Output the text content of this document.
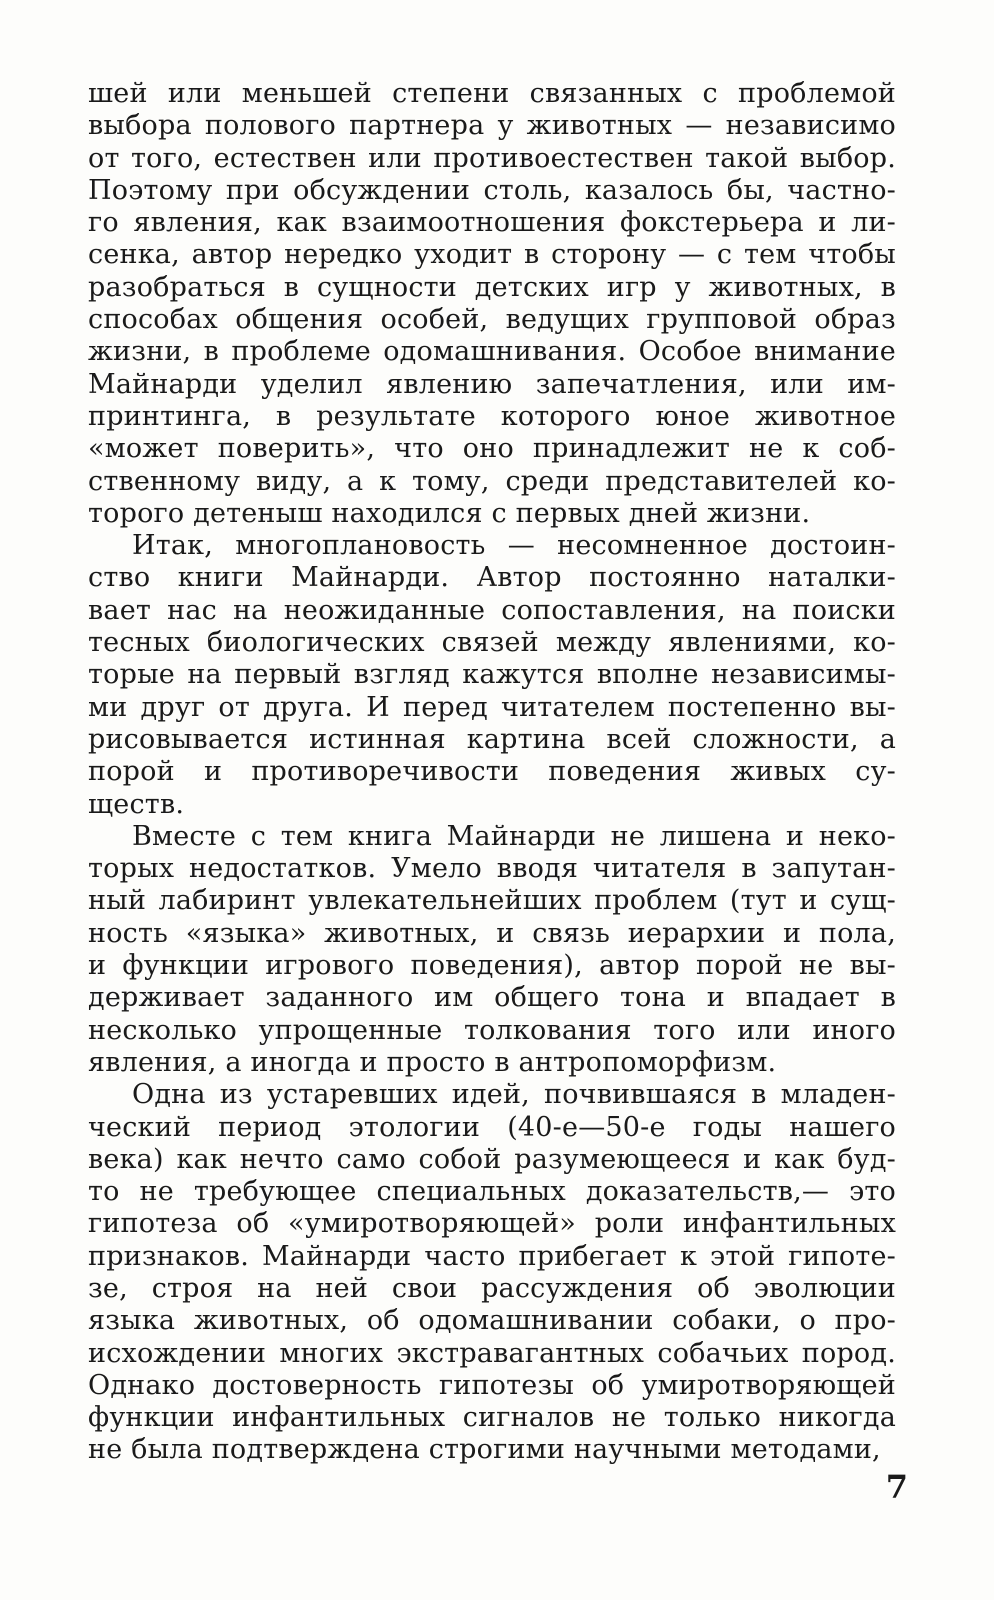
шей или меньшей степени связанных с проблемой
выбора полового партнера у животных — независимо
от того, естествен или противоестествен такой выбор.
Поэтому при обсуждении столь, казалось бы, частно-
го явления, как взаимоотношения фокстерьера и ли-
сенка, автор нередко уходит в сторону — с тем чтобы
разобраться в сущности детских игр у животных, в
способах общения особей, ведущих групповой образ
жизни, в проблеме одомашнивания. Особое внимание
Майнарди уделил явлению запечатления, или им-
принтинга, в результате которого юное животное
«может поверить», что оно принадлежит не к соб-
ственному виду, а к тому, среди представителей ко-
торого детеныш находился с первых дней жизни.
Итак, многоплановость — несомненное достоин-
ство книги Майнарди. Автор постоянно наталки-
вает нас на неожиданные сопоставления, на поиски
тесных биологических связей между явлениями, ко-
торые на первый взгляд кажутся вполне независимы-
ми друг от друга. И перед читателем постепенно вы-
рисовывается истинная картина всей сложности, а
порой и противоречивости поведения живых су-
ществ.
Вместе с тем книга Майнарди не лишена и неко-
торых недостатков. Умело вводя читателя в запутан-
ный лабиринт увлекательнейших проблем (тут и сущ-
ность «языка» животных, и связь иерархии и пола,
и функции игрового поведения), автор порой не вы-
держивает заданного им общего тона и впадает в
несколько упрощенные толкования того или иного
явления, а иногда и просто в антропоморфизм.
Одна из устаревших идей, почвившаяся в младен-
ческий период этологии (40-е—50-е годы нашего
века) как нечто само собой разумеющееся и как буд-
то не требующее специальных доказательств,— это
гипотеза об «умиротворяющей» роли инфантильных
признаков. Майнарди часто прибегает к этой гипоте-
зе, строя на ней свои рассуждения об эволюции
языка животных, об одомашнивании собаки, о про-
исхождении многих экстравагантных собачьих пород.
Однако достоверность гипотезы об умиротворяющей
функции инфантильных сигналов не только никогда
не была подтверждена строгими научными методами,
7
